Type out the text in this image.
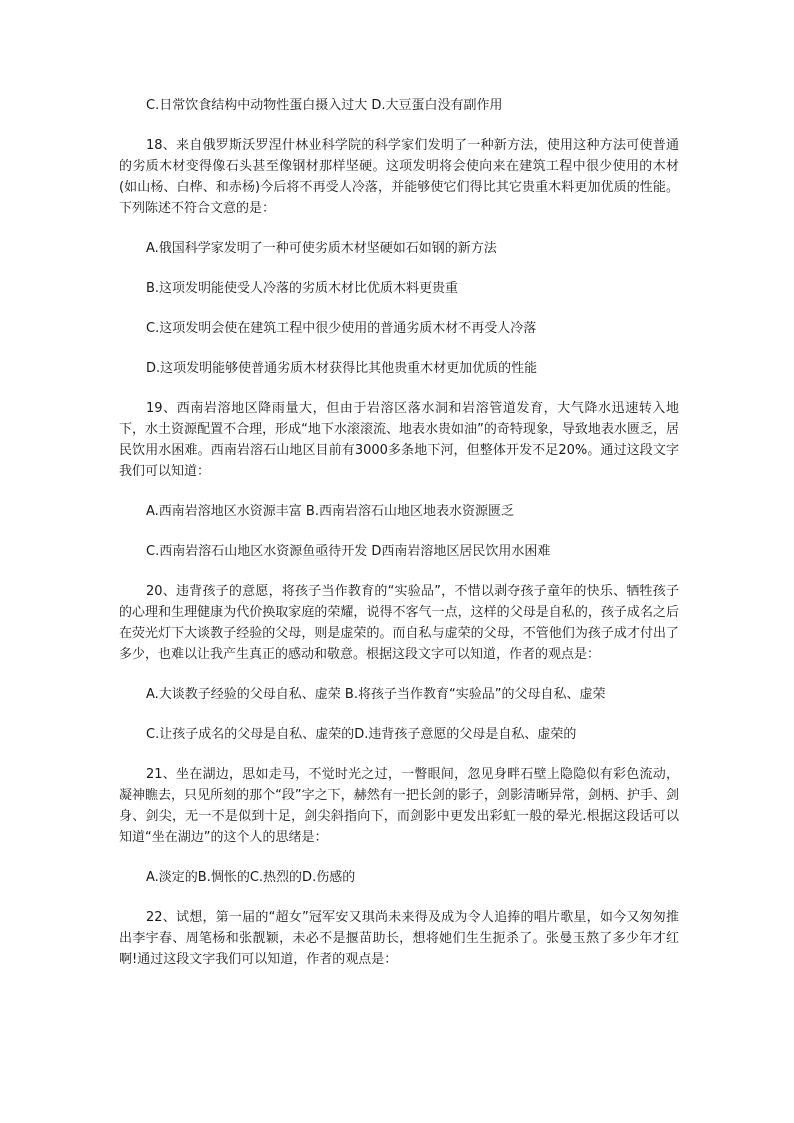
C.日常饮食结构中动物性蛋白摄入过大 D.大豆蛋白没有副作用

18、来自俄罗斯沃罗涅什林业科学院的科学家们发明了一种新方法，使用这种方法可使普通的劣质木材变得像石头甚至像钢材那样坚硬。这项发明将会使向来在建筑工程中很少使用的木材(如山杨、白桦、和赤杨)今后将不再受人冷落，并能够使它们得比其它贵重木料更加优质的性能。下列陈述不符合文意的是：

A.俄国科学家发明了一种可使劣质木材坚硬如石如钢的新方法

B.这项发明能使受人冷落的劣质木材比优质木料更贵重

C.这项发明会使在建筑工程中很少使用的普通劣质木材不再受人冷落

D.这项发明能够使普通劣质木材获得比其他贵重木材更加优质的性能

19、西南岩溶地区降雨量大，但由于岩溶区落水洞和岩溶管道发育，大气降水迅速转入地下，水土资源配置不合理，形成“地下水滚滚流、地表水贵如油”的奇特现象，导致地表水匮乏，居民饮用水困难。西南岩溶石山地区目前有3000多条地下河，但整体开发不足20%。通过这段文字我们可以知道：

A.西南岩溶地区水资源丰富 B.西南岩溶石山地区地表水资源匮乏

C.西南岩溶石山地区水资源鱼亟待开发 D西南岩溶地区居民饮用水困难

20、违背孩子的意愿，将孩子当作教育的“实验品”，不惜以剥夺孩子童年的快乐、牺牲孩子的心理和生理健康为代价换取家庭的荣耀，说得不客气一点，这样的父母是自私的，孩子成名之后在荧光灯下大谈教子经验的父母，则是虚荣的。而自私与虚荣的父母，不管他们为孩子成才付出了多少，也难以让我产生真正的感动和敬意。根据这段文字可以知道，作者的观点是：

A.大谈教子经验的父母自私、虚荣 B.将孩子当作教育“实验品”的父母自私、虚荣

C.让孩子成名的父母是自私、虚荣的D.违背孩子意愿的父母是自私、虚荣的

21、坐在湖边，思如走马，不觉时光之过，一瞥眼间，忽见身畔石壁上隐隐似有彩色流动，凝神瞧去，只见所刻的那个“段”字之下，赫然有一把长剑的影子，剑影清晰异常，剑柄、护手、剑身、剑尖，无一不是似到十足，剑尖斜指向下，而剑影中更发出彩虹一般的晕光.根据这段话可以知道“坐在湖边”的这个人的思绪是：

A.淡定的B.惆怅的C.热烈的D.伤感的

22、试想，第一届的“超女”冠军安又琪尚未来得及成为令人追捧的唱片歌星，如今又匆匆推出李宇春、周笔杨和张靓颖，未必不是揠苗助长，想将她们生生扼杀了。张曼玉熬了多少年才红啊!通过这段文字我们可以知道，作者的观点是：
